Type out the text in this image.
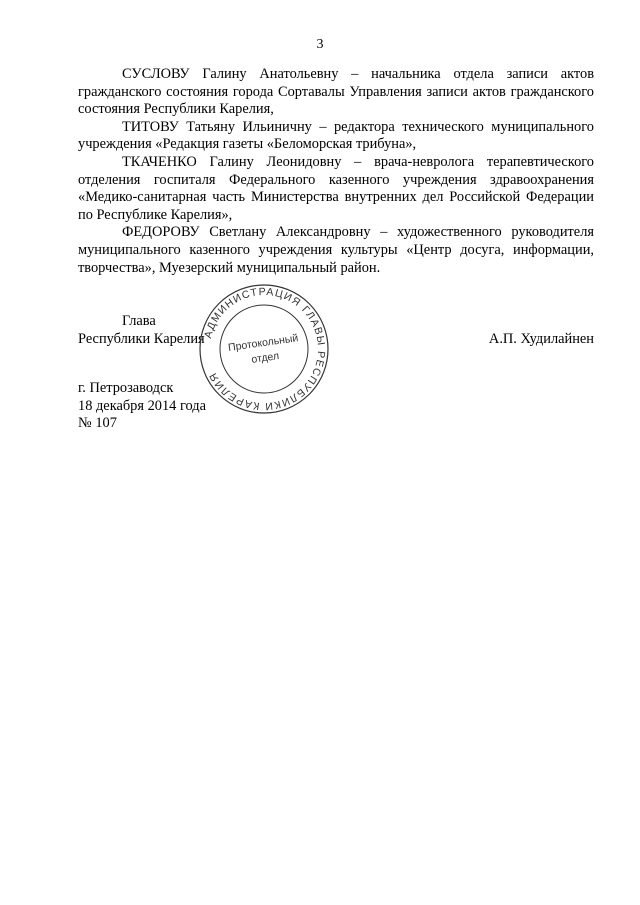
3

СУСЛОВУ Галину Анатольевну – начальника отдела записи актов гражданского состояния города Сортавалы Управления записи актов гражданского состояния Республики Карелия,

ТИТОВУ Татьяну Ильиничну – редактора технического муниципального учреждения «Редакция газеты «Беломорская трибуна»,

ТКАЧЕНКО Галину Леонидовну – врача-невролога терапевтического отделения госпиталя Федерального казенного учреждения здравоохранения «Медико-санитарная часть Министерства внутренних дел Российской Федерации по Республике Карелия»,

ФЕДОРОВУ Светлану Александровну – художественного руководителя муниципального казенного учреждения культуры «Центр досуга, информации, творчества», Муезерский муниципальный район.

Глава
Республики Карелия	А.П. Худилайнен
г. Петрозаводск
18 декабря 2014 года
№ 107
АДМИНИСТРАЦИЯ ГЛАВЫ РЕСПУБЛИКИ КАРЕЛИЯ
Протокольный
отдел
